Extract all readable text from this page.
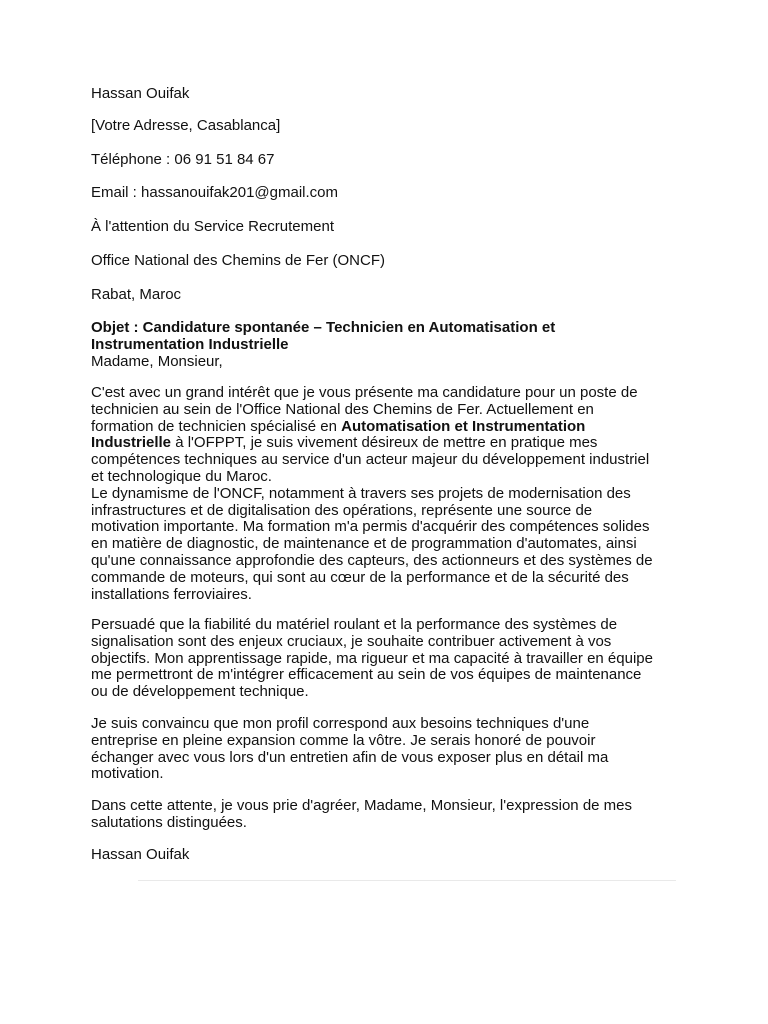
Hassan Ouifak
[Votre Adresse, Casablanca]
Téléphone : 06 91 51 84 67
Email : hassanouifak201@gmail.com
À l'attention du Service Recrutement
Office National des Chemins de Fer (ONCF)
Rabat, Maroc
Objet : Candidature spontanée – Technicien en Automatisation et
Instrumentation Industrielle
Madame, Monsieur,
C'est avec un grand intérêt que je vous présente ma candidature pour un poste de
technicien au sein de l'Office National des Chemins de Fer. Actuellement en
formation de technicien spécialisé en Automatisation et Instrumentation
Industrielle à l'OFPPT, je suis vivement désireux de mettre en pratique mes
compétences techniques au service d'un acteur majeur du développement industriel
et technologique du Maroc.
Le dynamisme de l'ONCF, notamment à travers ses projets de modernisation des
infrastructures et de digitalisation des opérations, représente une source de
motivation importante. Ma formation m'a permis d'acquérir des compétences solides
en matière de diagnostic, de maintenance et de programmation d'automates, ainsi
qu'une connaissance approfondie des capteurs, des actionneurs et des systèmes de
commande de moteurs, qui sont au cœur de la performance et de la sécurité des
installations ferroviaires.
Persuadé que la fiabilité du matériel roulant et la performance des systèmes de
signalisation sont des enjeux cruciaux, je souhaite contribuer activement à vos
objectifs. Mon apprentissage rapide, ma rigueur et ma capacité à travailler en équipe
me permettront de m'intégrer efficacement au sein de vos équipes de maintenance
ou de développement technique.
Je suis convaincu que mon profil correspond aux besoins techniques d'une
entreprise en pleine expansion comme la vôtre. Je serais honoré de pouvoir
échanger avec vous lors d'un entretien afin de vous exposer plus en détail ma
motivation.
Dans cette attente, je vous prie d'agréer, Madame, Monsieur, l'expression de mes
salutations distinguées.
Hassan Ouifak
